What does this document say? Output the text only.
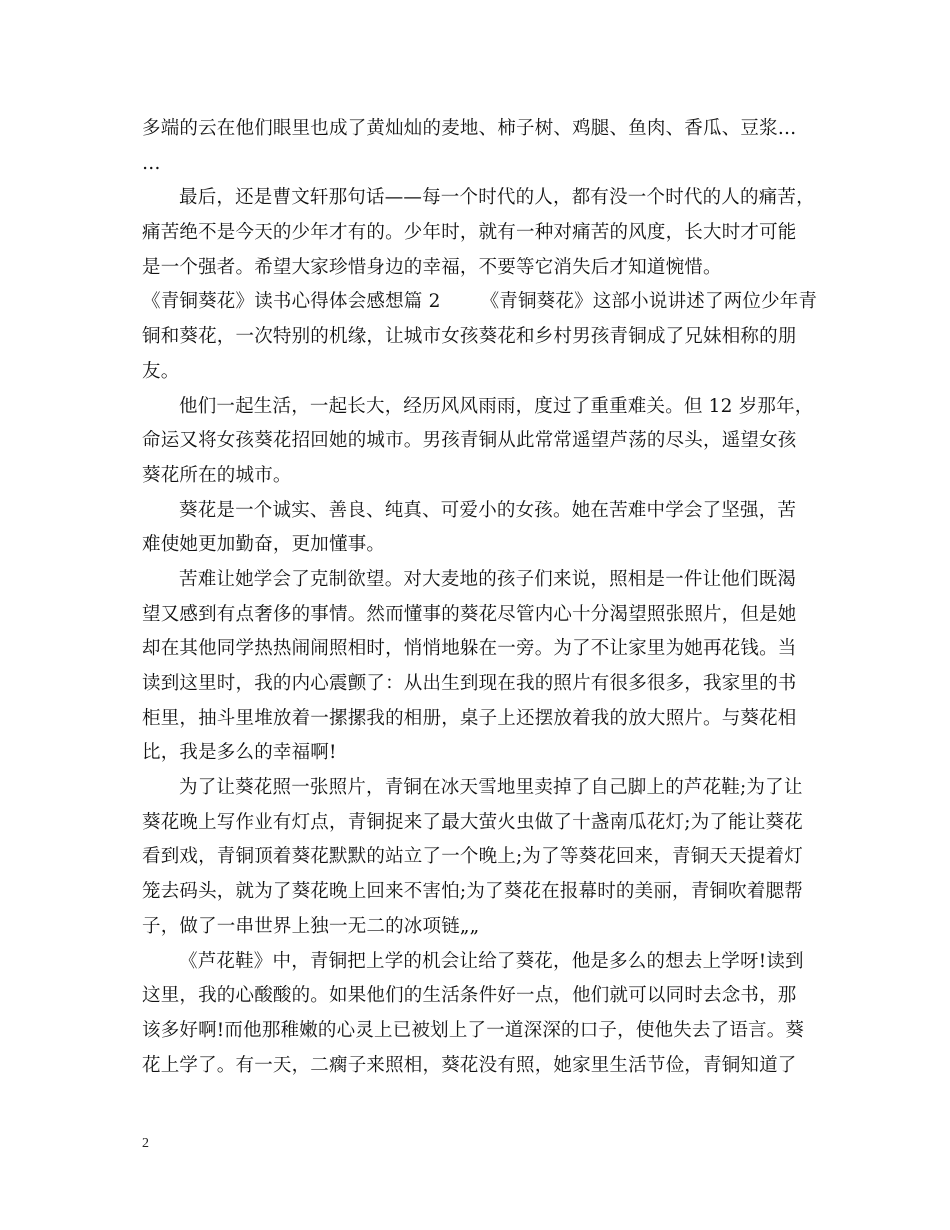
多端的云在他们眼里也成了黄灿灿的麦地、柿子树、鸡腿、鱼肉、香瓜、豆浆…
…
最后，还是曹文轩那句话——每一个时代的人，都有没一个时代的人的痛苦，
痛苦绝不是今天的少年才有的。少年时，就有一种对痛苦的风度，长大时才可能
是一个强者。希望大家珍惜身边的幸福，不要等它消失后才知道惋惜。
《青铜葵花》读书心得体会感想篇 2 《青铜葵花》这部小说讲述了两位少年青
铜和葵花，一次特别的机缘，让城市女孩葵花和乡村男孩青铜成了兄妹相称的朋
友。
他们一起生活，一起长大，经历风风雨雨，度过了重重难关。但 12 岁那年，
命运又将女孩葵花招回她的城市。男孩青铜从此常常遥望芦荡的尽头，遥望女孩
葵花所在的城市。
葵花是一个诚实、善良、纯真、可爱小的女孩。她在苦难中学会了坚强，苦
难使她更加勤奋，更加懂事。
苦难让她学会了克制欲望。对大麦地的孩子们来说，照相是一件让他们既渴
望又感到有点奢侈的事情。然而懂事的葵花尽管内心十分渴望照张照片，但是她
却在其他同学热热闹闹照相时，悄悄地躲在一旁。为了不让家里为她再花钱。当
读到这里时，我的内心震颤了：从出生到现在我的照片有很多很多，我家里的书
柜里，抽斗里堆放着一摞摞我的相册，桌子上还摆放着我的放大照片。与葵花相
比，我是多么的幸福啊!
为了让葵花照一张照片，青铜在冰天雪地里卖掉了自己脚上的芦花鞋;为了让
葵花晚上写作业有灯点，青铜捉来了最大萤火虫做了十盏南瓜花灯;为了能让葵花
看到戏，青铜顶着葵花默默的站立了一个晚上;为了等葵花回来，青铜天天提着灯
笼去码头，就为了葵花晚上回来不害怕;为了葵花在报幕时的美丽，青铜吹着腮帮
子，做了一串世界上独一无二的冰项链„„
《芦花鞋》中，青铜把上学的机会让给了葵花，他是多么的想去上学呀!读到
这里，我的心酸酸的。如果他们的生活条件好一点，他们就可以同时去念书，那
该多好啊!而他那稚嫩的心灵上已被划上了一道深深的口子，使他失去了语言。葵
花上学了。有一天，二瘸子来照相，葵花没有照，她家里生活节俭，青铜知道了
2
